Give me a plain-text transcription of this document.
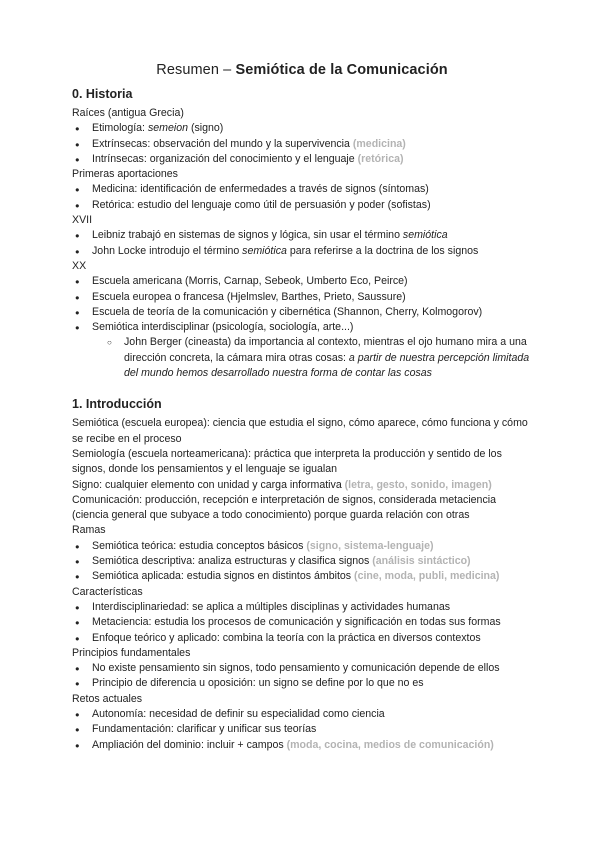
Resumen – Semiótica de la Comunicación
0. Historia

Raíces (antigua Grecia)

● Etimología: semeion (signo)
● Extrínsecas: observación del mundo y la supervivencia (medicina)
● Intrínsecas: organización del conocimiento y el lenguaje (retórica)

Primeras aportaciones

● Medicina: identificación de enfermedades a través de signos (síntomas)
● Retórica: estudio del lenguaje como útil de persuasión y poder (sofistas)

XVII

● Leibniz trabajó en sistemas de signos y lógica, sin usar el término semiótica
● John Locke introdujo el término semiótica para referirse a la doctrina de los signos

XX

● Escuela americana (Morris, Carnap, Sebeok, Umberto Eco, Peirce)
● Escuela europea o francesa (Hjelmslev, Barthes, Prieto, Saussure)
● Escuela de teoría de la comunicación y cibernética (Shannon, Cherry, Kolmogorov)
● Semiótica interdisciplinar (psicología, sociología, arte...)
○ John Berger (cineasta) da importancia al contexto, mientras el ojo humano mira a una dirección concreta, la cámara mira otras cosas: a partir de nuestra percepción limitada del mundo hemos desarrollado nuestra forma de contar las cosas
1. Introducción

Semiótica (escuela europea): ciencia que estudia el signo, cómo aparece, cómo funciona y cómo se recibe en el proceso

Semiología (escuela norteamericana): práctica que interpreta la producción y sentido de los signos, donde los pensamientos y el lenguaje se igualan

Signo: cualquier elemento con unidad y carga informativa (letra, gesto, sonido, imagen)

Comunicación: producción, recepción e interpretación de signos, considerada metaciencia (ciencia general que subyace a todo conocimiento) porque guarda relación con otras

Ramas

● Semiótica teórica: estudia conceptos básicos (signo, sistema-lenguaje)
● Semiótica descriptiva: analiza estructuras y clasifica signos (análisis sintáctico)
● Semiótica aplicada: estudia signos en distintos ámbitos (cine, moda, publi, medicina)

Características

● Interdisciplinariedad: se aplica a múltiples disciplinas y actividades humanas
● Metaciencia: estudia los procesos de comunicación y significación en todas sus formas
● Enfoque teórico y aplicado: combina la teoría con la práctica en diversos contextos

Principios fundamentales

● No existe pensamiento sin signos, todo pensamiento y comunicación depende de ellos
● Principio de diferencia u oposición: un signo se define por lo que no es

Retos actuales

● Autonomía: necesidad de definir su especialidad como ciencia
● Fundamentación: clarificar y unificar sus teorías
● Ampliación del dominio: incluir + campos (moda, cocina, medios de comunicación)
